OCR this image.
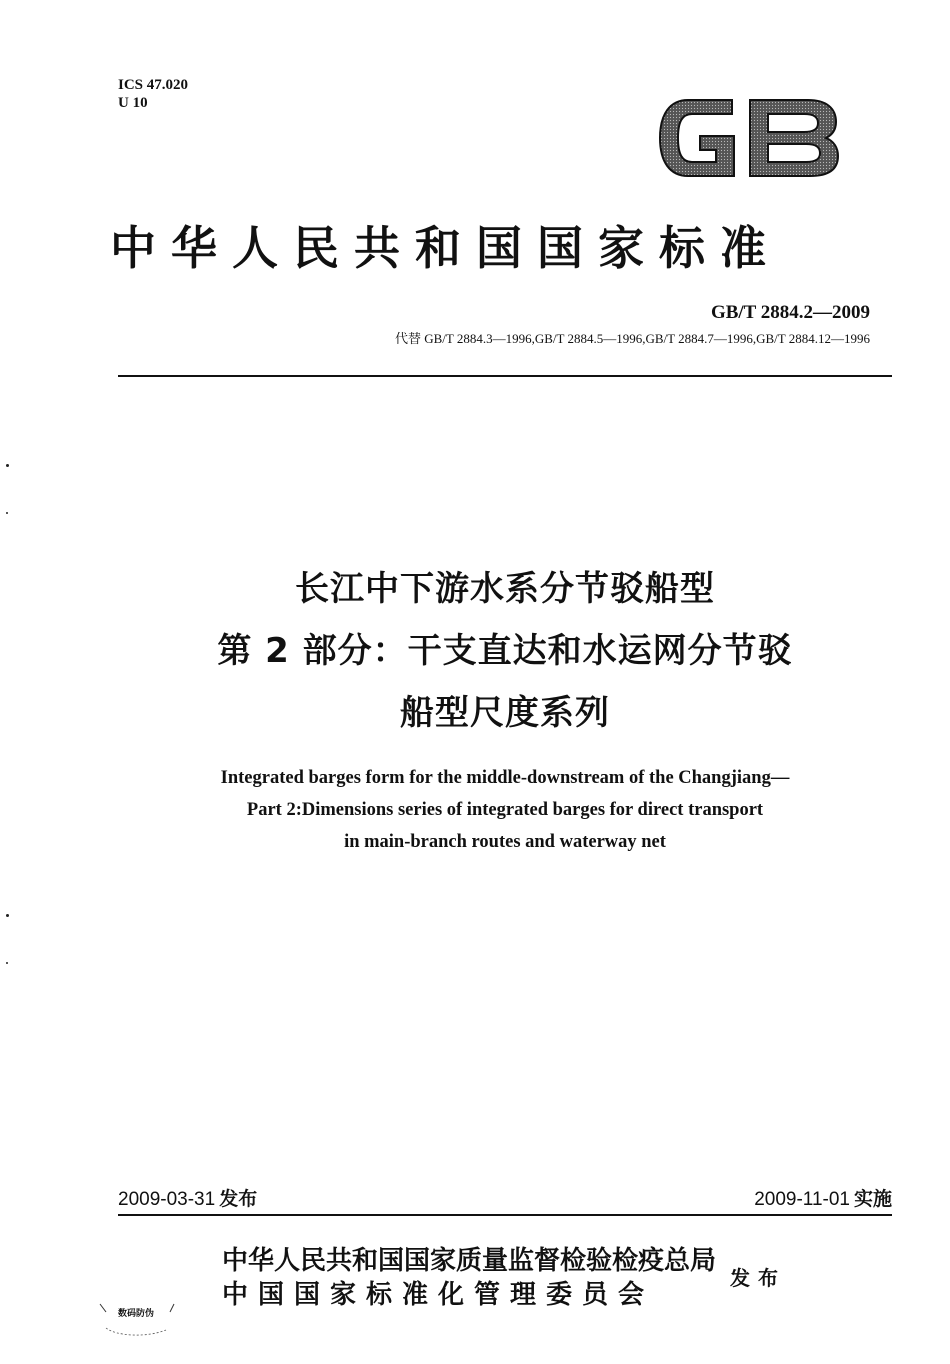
ICS 47.020
U 10
中华人民共和国国家标准
GB/T 2884.2—2009
代替 GB/T 2884.3—1996,GB/T 2884.5—1996,GB/T 2884.7—1996,GB/T 2884.12—1996
长江中下游水系分节驳船型
第 2 部分：干支直达和水运网分节驳
船型尺度系列
Integrated barges form for the middle-downstream of the Changjiang—
Part 2:Dimensions series of integrated barges for direct transport
in main-branch routes and waterway net
2009-03-31 发布	2009-11-01 实施
中华人民共和国国家质量监督检验检疫总局
中国国家标准化管理委员会
发布
数码防伪
